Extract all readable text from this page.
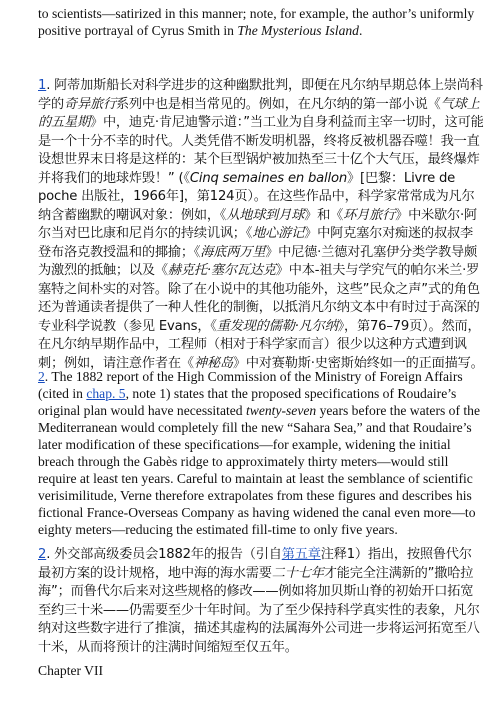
to scientists—satirized in this manner; note, for example, the author’s uniformly positive portrayal of Cyrus Smith in The Mysterious Island.

1. 阿蒂加斯船长对科学进步的这种幽默批判，即便在凡尔纳早期总体上崇尚科学的奇异旅行系列中也是相当常见的。例如，在凡尔纳的第一部小说《气球上的五星期》中，迪克·肯尼迪警示道：”当工业为自身利益而主宰一切时，这可能是一个十分不幸的时代。人类凭借不断发明机器，终将反被机器吞噬！我一直设想世界末日将是这样的：某个巨型锅炉被加热至三十亿个大气压，最终爆炸并将我们的地球炸毁！” (《Cinq semaines en ballon》[巴黎：Livre de poche 出版社，1966年]，第124页）。在这些作品中，科学家常常成为凡尔纳含蓄幽默的嘲讽对象：例如，《从地球到月球》和《环月旅行》中米歇尔·阿尔当对巴比康和尼肖尔的持续讥讽；《地心游记》中阿克塞尔对痴迷的叔叔李登布洛克教授温和的揶揄；《海底两万里》中尼德·兰德对孔塞伊分类学教导颇为激烈的抵触；以及《赫克托·塞尔瓦达克》中本-祖夫与学究气的帕尔米兰·罗塞特之间朴实的对答。除了在小说中的其他功能外，这些”民众之声”式的角色还为普通读者提供了一种人性化的制衡，以抵消凡尔纳文本中有时过于高深的专业科学说教（参见 Evans，《重发现的儒勒·凡尔纳》，第76–79页）。然而，在凡尔纳早期作品中，工程师（相对于科学家而言）很少以这种方式遭到讽刺；例如，请注意作者在《神秘岛》中对赛勒斯·史密斯始终如一的正面描写。

2. The 1882 report of the High Commission of the Ministry of Foreign Affairs (cited in chap. 5, note 1) states that the proposed specifications of Roudaire’s original plan would have necessitated twenty-seven years before the waters of the Mediterranean would completely fill the new “Sahara Sea,” and that Roudaire’s later modification of these specifications—for example, widening the initial breach through the Gabès ridge to approximately thirty meters—would still require at least ten years. Careful to maintain at least the semblance of scientific verisimilitude, Verne therefore extrapolates from these figures and describes his fictional France-Overseas Company as having widened the canal even more—to eighty meters—reducing the estimated fill-time to only five years.

2. 外交部高级委员会1882年的报告（引自第五章注释1）指出，按照鲁代尔最初方案的设计规格，地中海的海水需要二十七年才能完全注满新的”撒哈拉海”；而鲁代尔后来对这些规格的修改——例如将加贝斯山脊的初始开口拓宽至约三十米——仍需要至少十年时间。为了至少保持科学真实性的表象，凡尔纳对这些数字进行了推演，描述其虚构的法属海外公司进一步将运河拓宽至八十米，从而将预计的注满时间缩短至仅五年。

Chapter VII
